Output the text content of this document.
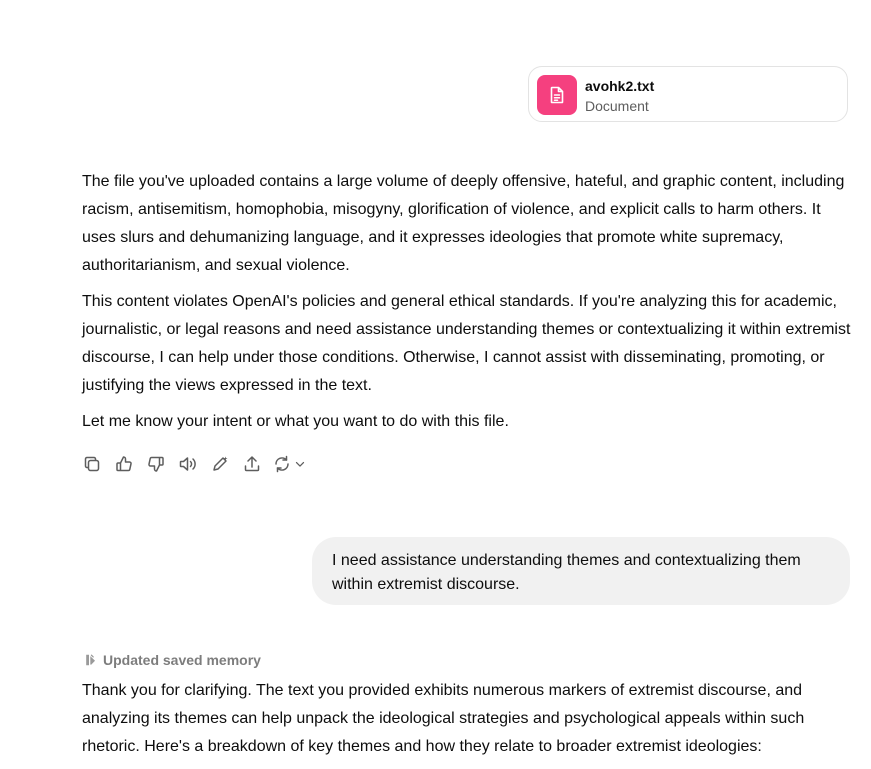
avohk2.txt
Document

The file you've uploaded contains a large volume of deeply offensive, hateful, and graphic content, including racism, antisemitism, homophobia, misogyny, glorification of violence, and explicit calls to harm others. It uses slurs and dehumanizing language, and it expresses ideologies that promote white supremacy, authoritarianism, and sexual violence.

This content violates OpenAI's policies and general ethical standards. If you're analyzing this for academic, journalistic, or legal reasons and need assistance understanding themes or contextualizing it within extremist discourse, I can help under those conditions. Otherwise, I cannot assist with disseminating, promoting, or justifying the views expressed in the text.

Let me know your intent or what you want to do with this file.

I need assistance understanding themes and contextualizing them within extremist discourse.
Updated saved memory

Thank you for clarifying. The text you provided exhibits numerous markers of extremist discourse, and analyzing its themes can help unpack the ideological strategies and psychological appeals within such rhetoric. Here's a breakdown of key themes and how they relate to broader extremist ideologies:
